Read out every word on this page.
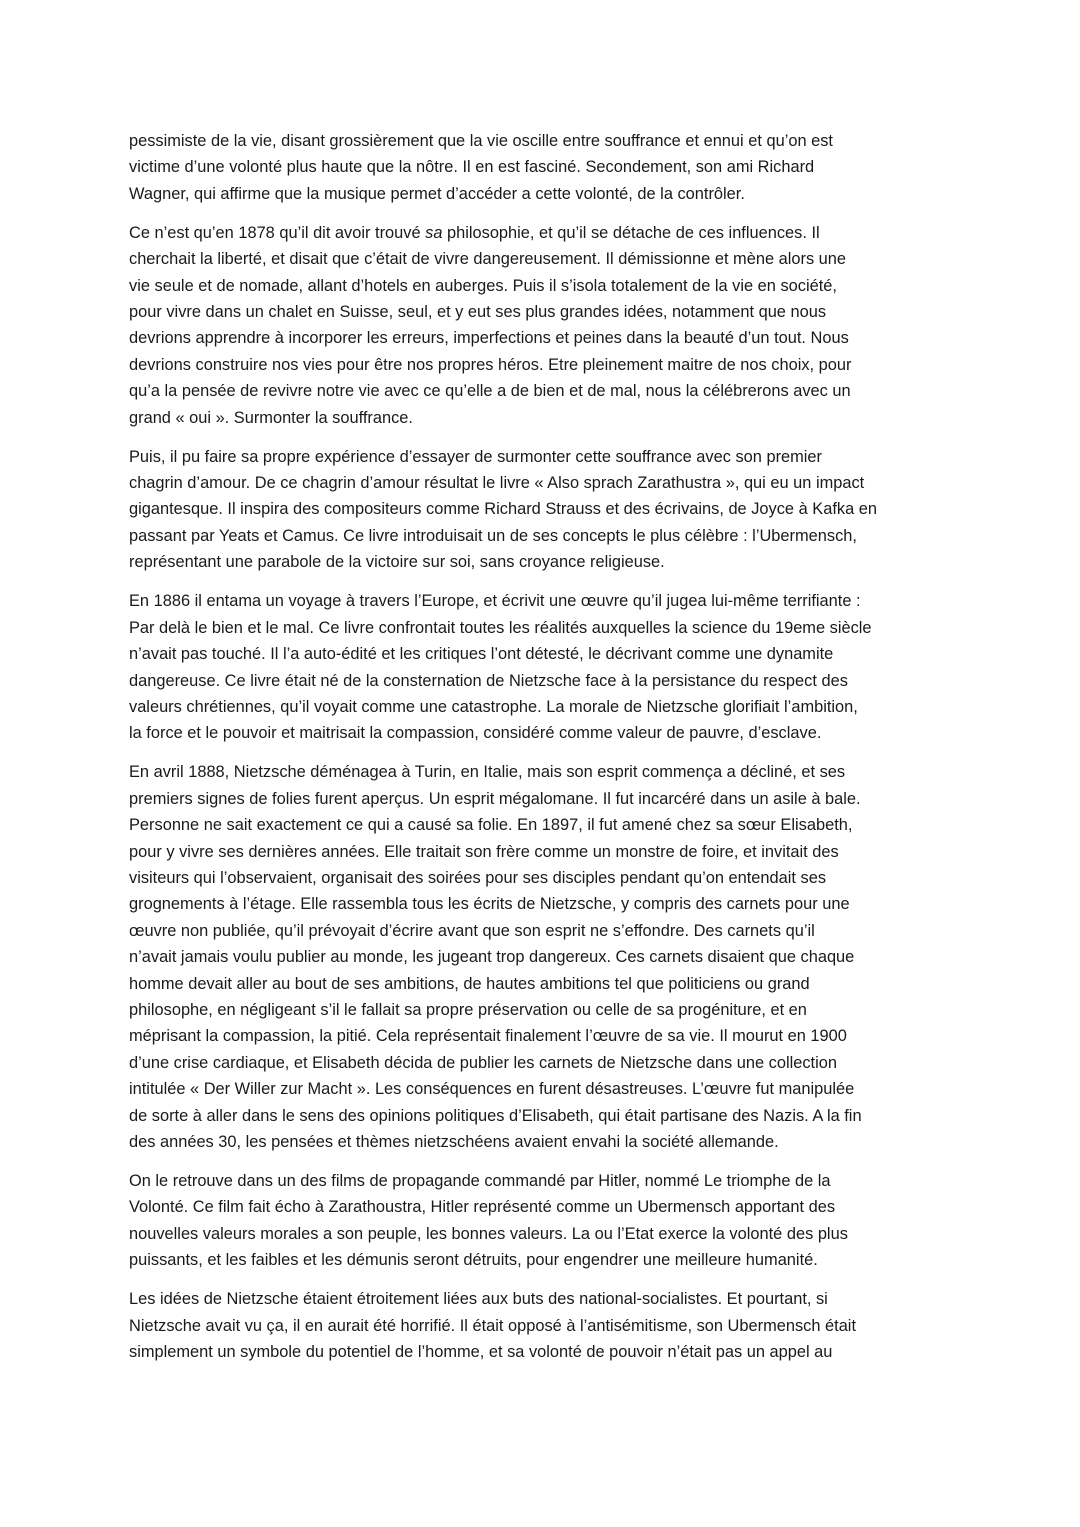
pessimiste de la vie, disant grossièrement que la vie oscille entre souffrance et ennui et qu’on est
victime d’une volonté plus haute que la nôtre. Il en est fasciné. Secondement, son ami Richard
Wagner, qui affirme que la musique permet d’accéder a cette volonté, de la contrôler.

Ce n’est qu’en 1878 qu’il dit avoir trouvé sa philosophie, et qu’il se détache de ces influences. Il
cherchait la liberté, et disait que c’était de vivre dangereusement. Il démissionne et mène alors une
vie seule et de nomade, allant d’hotels en auberges. Puis il s’isola totalement de la vie en société,
pour vivre dans un chalet en Suisse, seul, et y eut ses plus grandes idées, notamment que nous
devrions apprendre à incorporer les erreurs, imperfections et peines dans la beauté d’un tout. Nous
devrions construire nos vies pour être nos propres héros. Etre pleinement maitre de nos choix, pour
qu’a la pensée de revivre notre vie avec ce qu’elle a de bien et de mal, nous la célébrerons avec un
grand « oui ». Surmonter la souffrance.

Puis, il pu faire sa propre expérience d’essayer de surmonter cette souffrance avec son premier
chagrin d’amour. De ce chagrin d’amour résultat le livre « Also sprach Zarathustra », qui eu un impact
gigantesque. Il inspira des compositeurs comme Richard Strauss et des écrivains, de Joyce à Kafka en
passant par Yeats et Camus. Ce livre introduisait un de ses concepts le plus célèbre : l’Ubermensch,
représentant une parabole de la victoire sur soi, sans croyance religieuse.

En 1886 il entama un voyage à travers l’Europe, et écrivit une œuvre qu’il jugea lui-même terrifiante :
Par delà le bien et le mal. Ce livre confrontait toutes les réalités auxquelles la science du 19eme siècle
n’avait pas touché. Il l’a auto-édité et les critiques l’ont détesté, le décrivant comme une dynamite
dangereuse. Ce livre était né de la consternation de Nietzsche face à la persistance du respect des
valeurs chrétiennes, qu’il voyait comme une catastrophe. La morale de Nietzsche glorifiait l’ambition,
la force et le pouvoir et maitrisait la compassion, considéré comme valeur de pauvre, d’esclave.

En avril 1888, Nietzsche déménagea à Turin, en Italie, mais son esprit commença a décliné, et ses
premiers signes de folies furent aperçus. Un esprit mégalomane. Il fut incarcéré dans un asile à bale.
Personne ne sait exactement ce qui a causé sa folie. En 1897, il fut amené chez sa sœur Elisabeth,
pour y vivre ses dernières années. Elle traitait son frère comme un monstre de foire, et invitait des
visiteurs qui l’observaient, organisait des soirées pour ses disciples pendant qu’on entendait ses
grognements à l’étage. Elle rassembla tous les écrits de Nietzsche, y compris des carnets pour une
œuvre non publiée, qu’il prévoyait d’écrire avant que son esprit ne s’effondre. Des carnets qu’il
n’avait jamais voulu publier au monde, les jugeant trop dangereux. Ces carnets disaient que chaque
homme devait aller au bout de ses ambitions, de hautes ambitions tel que politiciens ou grand
philosophe, en négligeant s’il le fallait sa propre préservation ou celle de sa progéniture, et en
méprisant la compassion, la pitié. Cela représentait finalement l’œuvre de sa vie. Il mourut en 1900
d’une crise cardiaque, et Elisabeth décida de publier les carnets de Nietzsche dans une collection
intitulée « Der Willer zur Macht ». Les conséquences en furent désastreuses. L’œuvre fut manipulée
de sorte à aller dans le sens des opinions politiques d’Elisabeth, qui était partisane des Nazis. A la fin
des années 30, les pensées et thèmes nietzschéens avaient envahi la société allemande.

On le retrouve dans un des films de propagande commandé par Hitler, nommé Le triomphe de la
Volonté. Ce film fait écho à Zarathoustra, Hitler représenté comme un Ubermensch apportant des
nouvelles valeurs morales a son peuple, les bonnes valeurs. La ou l’Etat exerce la volonté des plus
puissants, et les faibles et les démunis seront détruits, pour engendrer une meilleure humanité.

Les idées de Nietzsche étaient étroitement liées aux buts des national-socialistes. Et pourtant, si
Nietzsche avait vu ça, il en aurait été horrifié. Il était opposé à l’antisémitisme, son Ubermensch était
simplement un symbole du potentiel de l’homme, et sa volonté de pouvoir n’était pas un appel au
